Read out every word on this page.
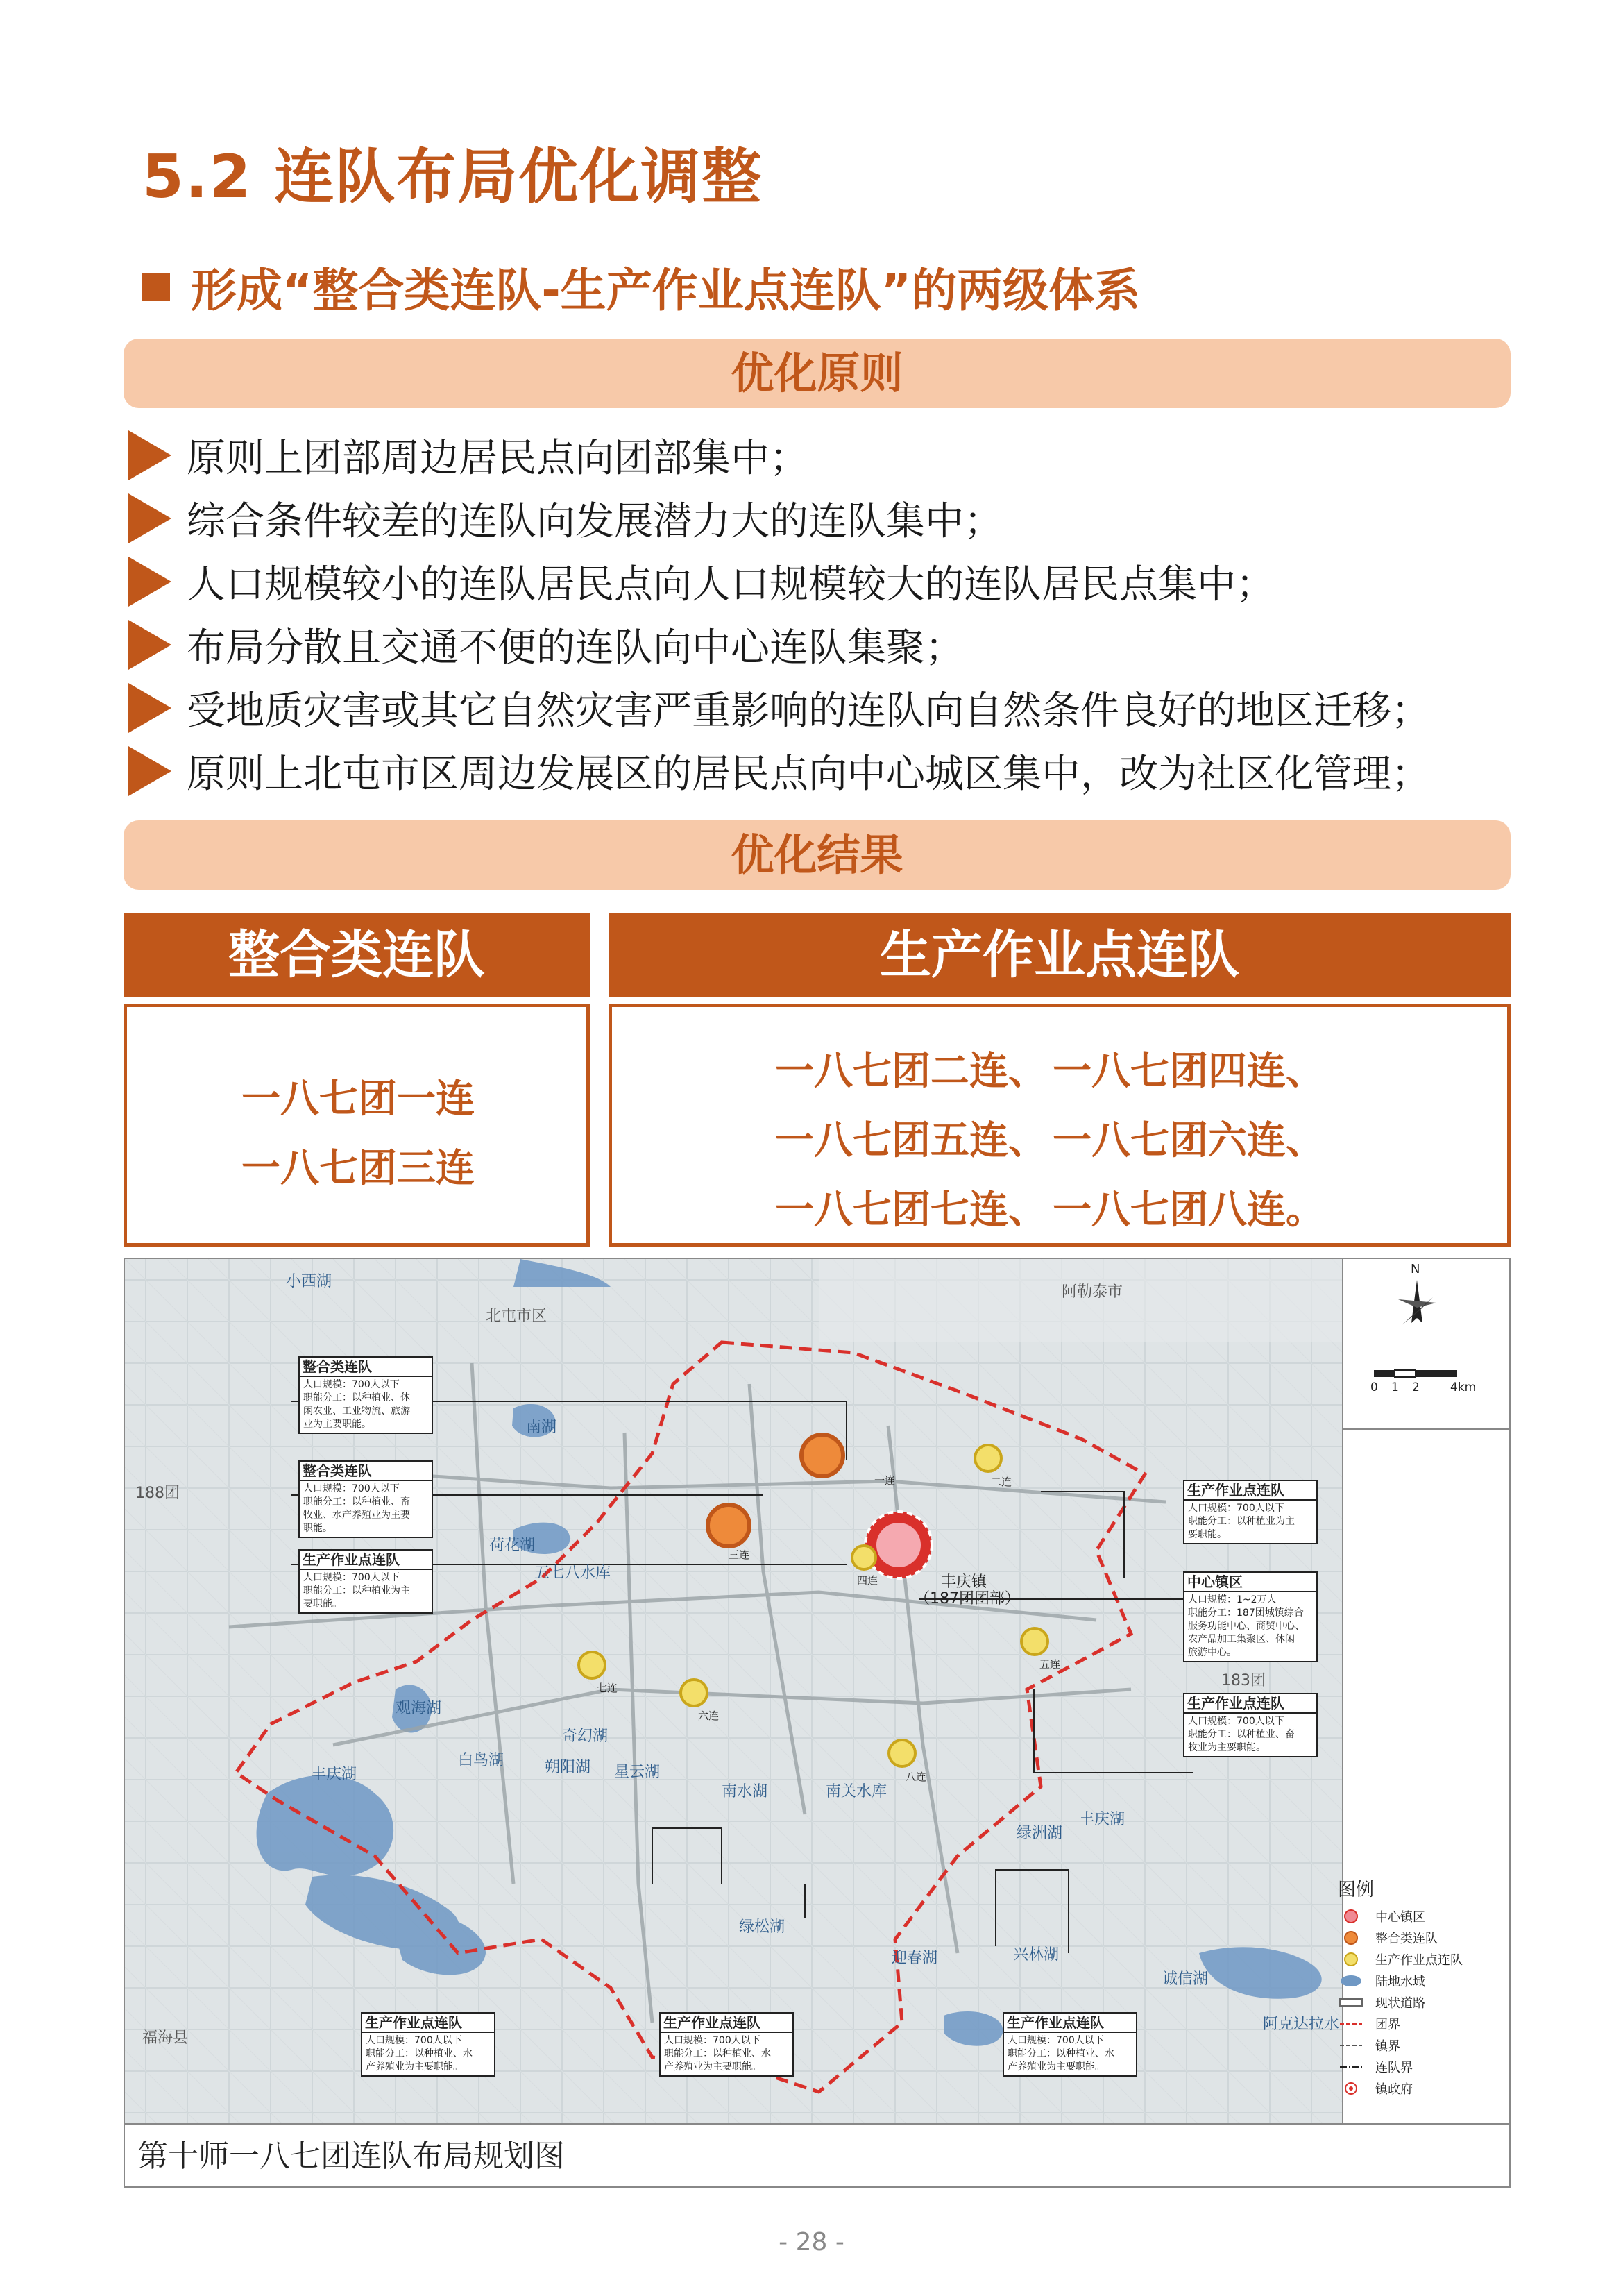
5.2 连队布局优化调整
形成“整合类连队-生产作业点连队”的两级体系
优化原则
原则上团部周边居民点向团部集中；
综合条件较差的连队向发展潜力大的连队集中；
人口规模较小的连队居民点向人口规模较大的连队居民点集中；
布局分散且交通不便的连队向中心连队集聚；
受地质灾害或其它自然灾害严重影响的连队向自然条件良好的地区迁移；
原则上北屯市区周边发展区的居民点向中心城区集中，改为社区化管理；
优化结果
整合类连队	生产作业点连队
一八七团一连
一八七团三连
一八七团二连、 一八七团四连、
一八七团五连、 一八七团六连、
一八七团七连、 一八七团八连。
小西湖
北屯市区
阿勒泰市
南湖
188团
荷花湖
五七八水库
观海湖
奇幻湖
白鸟湖	朔阳湖 星云湖
南水湖	南关水库
丰庆湖
福海县
绿松湖
迎春湖	兴林湖
丰庆湖
绿洲湖
诚信湖
阿克达拉水
183团
丰庆镇
（187团团部）
一连	二连
三连
四连
五连
六连
七连
八连
N
0 1 2	4km
整合类连队
人口规模：700人以下
职能分工：以种植业、休
闲农业、工业物流、旅游
业为主要职能。
整合类连队
人口规模：700人以下
职能分工：以种植业、畜
牧业、水产养殖业为主要
职能。
生产作业点连队
人口规模：700人以下
职能分工：以种植业为主
要职能。
生产作业点连队
人口规模：700人以下
职能分工：以种植业为主
要职能。
中心镇区
人口规模：1~2万人
职能分工：187团城镇综合
服务功能中心、商贸中心、
农产品加工集聚区、休闲
旅游中心。
生产作业点连队
人口规模：700人以下
职能分工：以种植业、畜
牧业为主要职能。
生产作业点连队
人口规模：700人以下
职能分工：以种植业、水
产养殖业为主要职能。
生产作业点连队
人口规模：700人以下
职能分工：以种植业、水
产养殖业为主要职能。
生产作业点连队
人口规模：700人以下
职能分工：以种植业、水
产养殖业为主要职能。
图例
中心镇区
整合类连队
生产作业点连队
陆地水域
现状道路
团界
镇界
连队界
镇政府
第十师一八七团连队布局规划图
- 28 -
